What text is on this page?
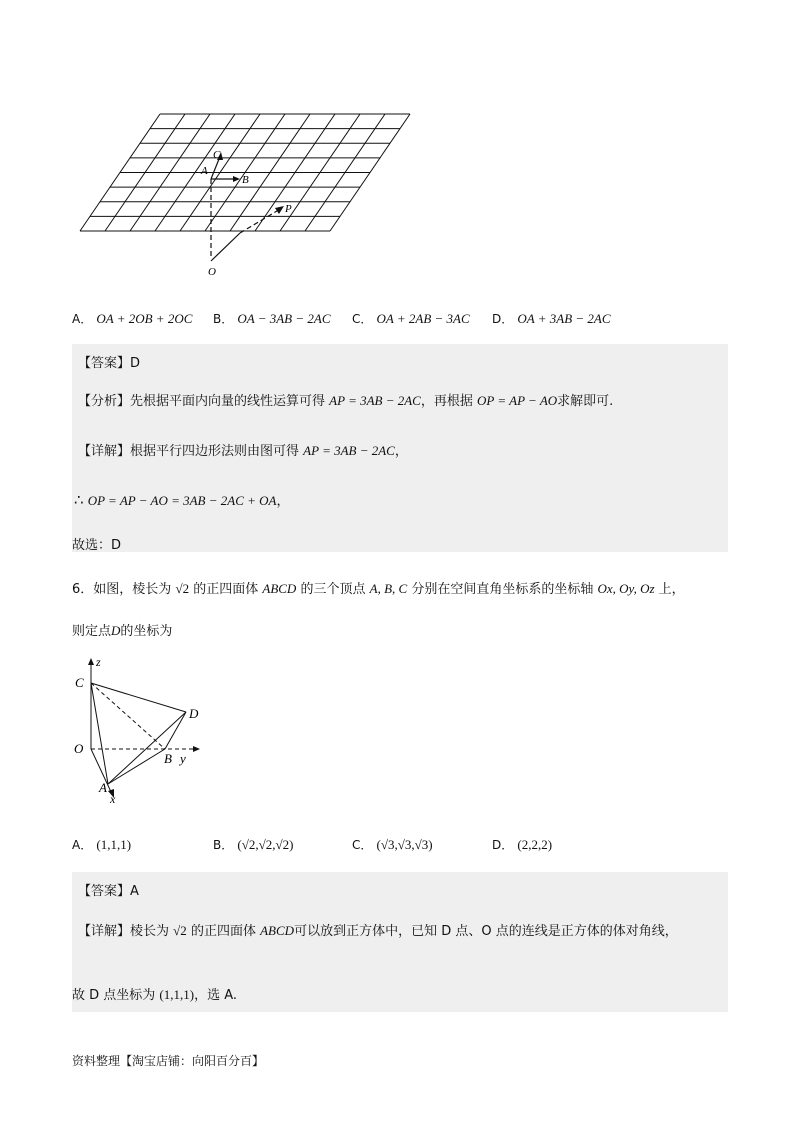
C
A
B
P
O
A． OA + 2OB + 2OC B． OA − 3AB − 2AC C． OA + 2AB − 3AC D． OA + 3AB − 2AC
【答案】D
【分析】先根据平面内向量的线性运算可得 AP = 3AB − 2AC，再根据 OP = AP − AO求解即可.
【详解】根据平行四边形法则由图可得 AP = 3AB − 2AC，
∴ OP = AP − AO = 3AB − 2AC + OA，
故选：D
6．如图，棱长为 √2 的正四面体 ABCD 的三个顶点 A, B, C 分别在空间直角坐标系的坐标轴 Ox, Oy, Oz 上，
则定点D的坐标为
z
C
D
O
B y
A
x
A． (1,1,1)	B． (√2,√2,√2)	C． (√3,√3,√3)	D． (2,2,2)
【答案】A
【详解】棱长为 √2 的正四面体 ABCD可以放到正方体中，已知 D 点、O 点的连线是正方体的体对角线，
故 D 点坐标为 (1,1,1)，选 A.
资料整理【淘宝店铺：向阳百分百】
